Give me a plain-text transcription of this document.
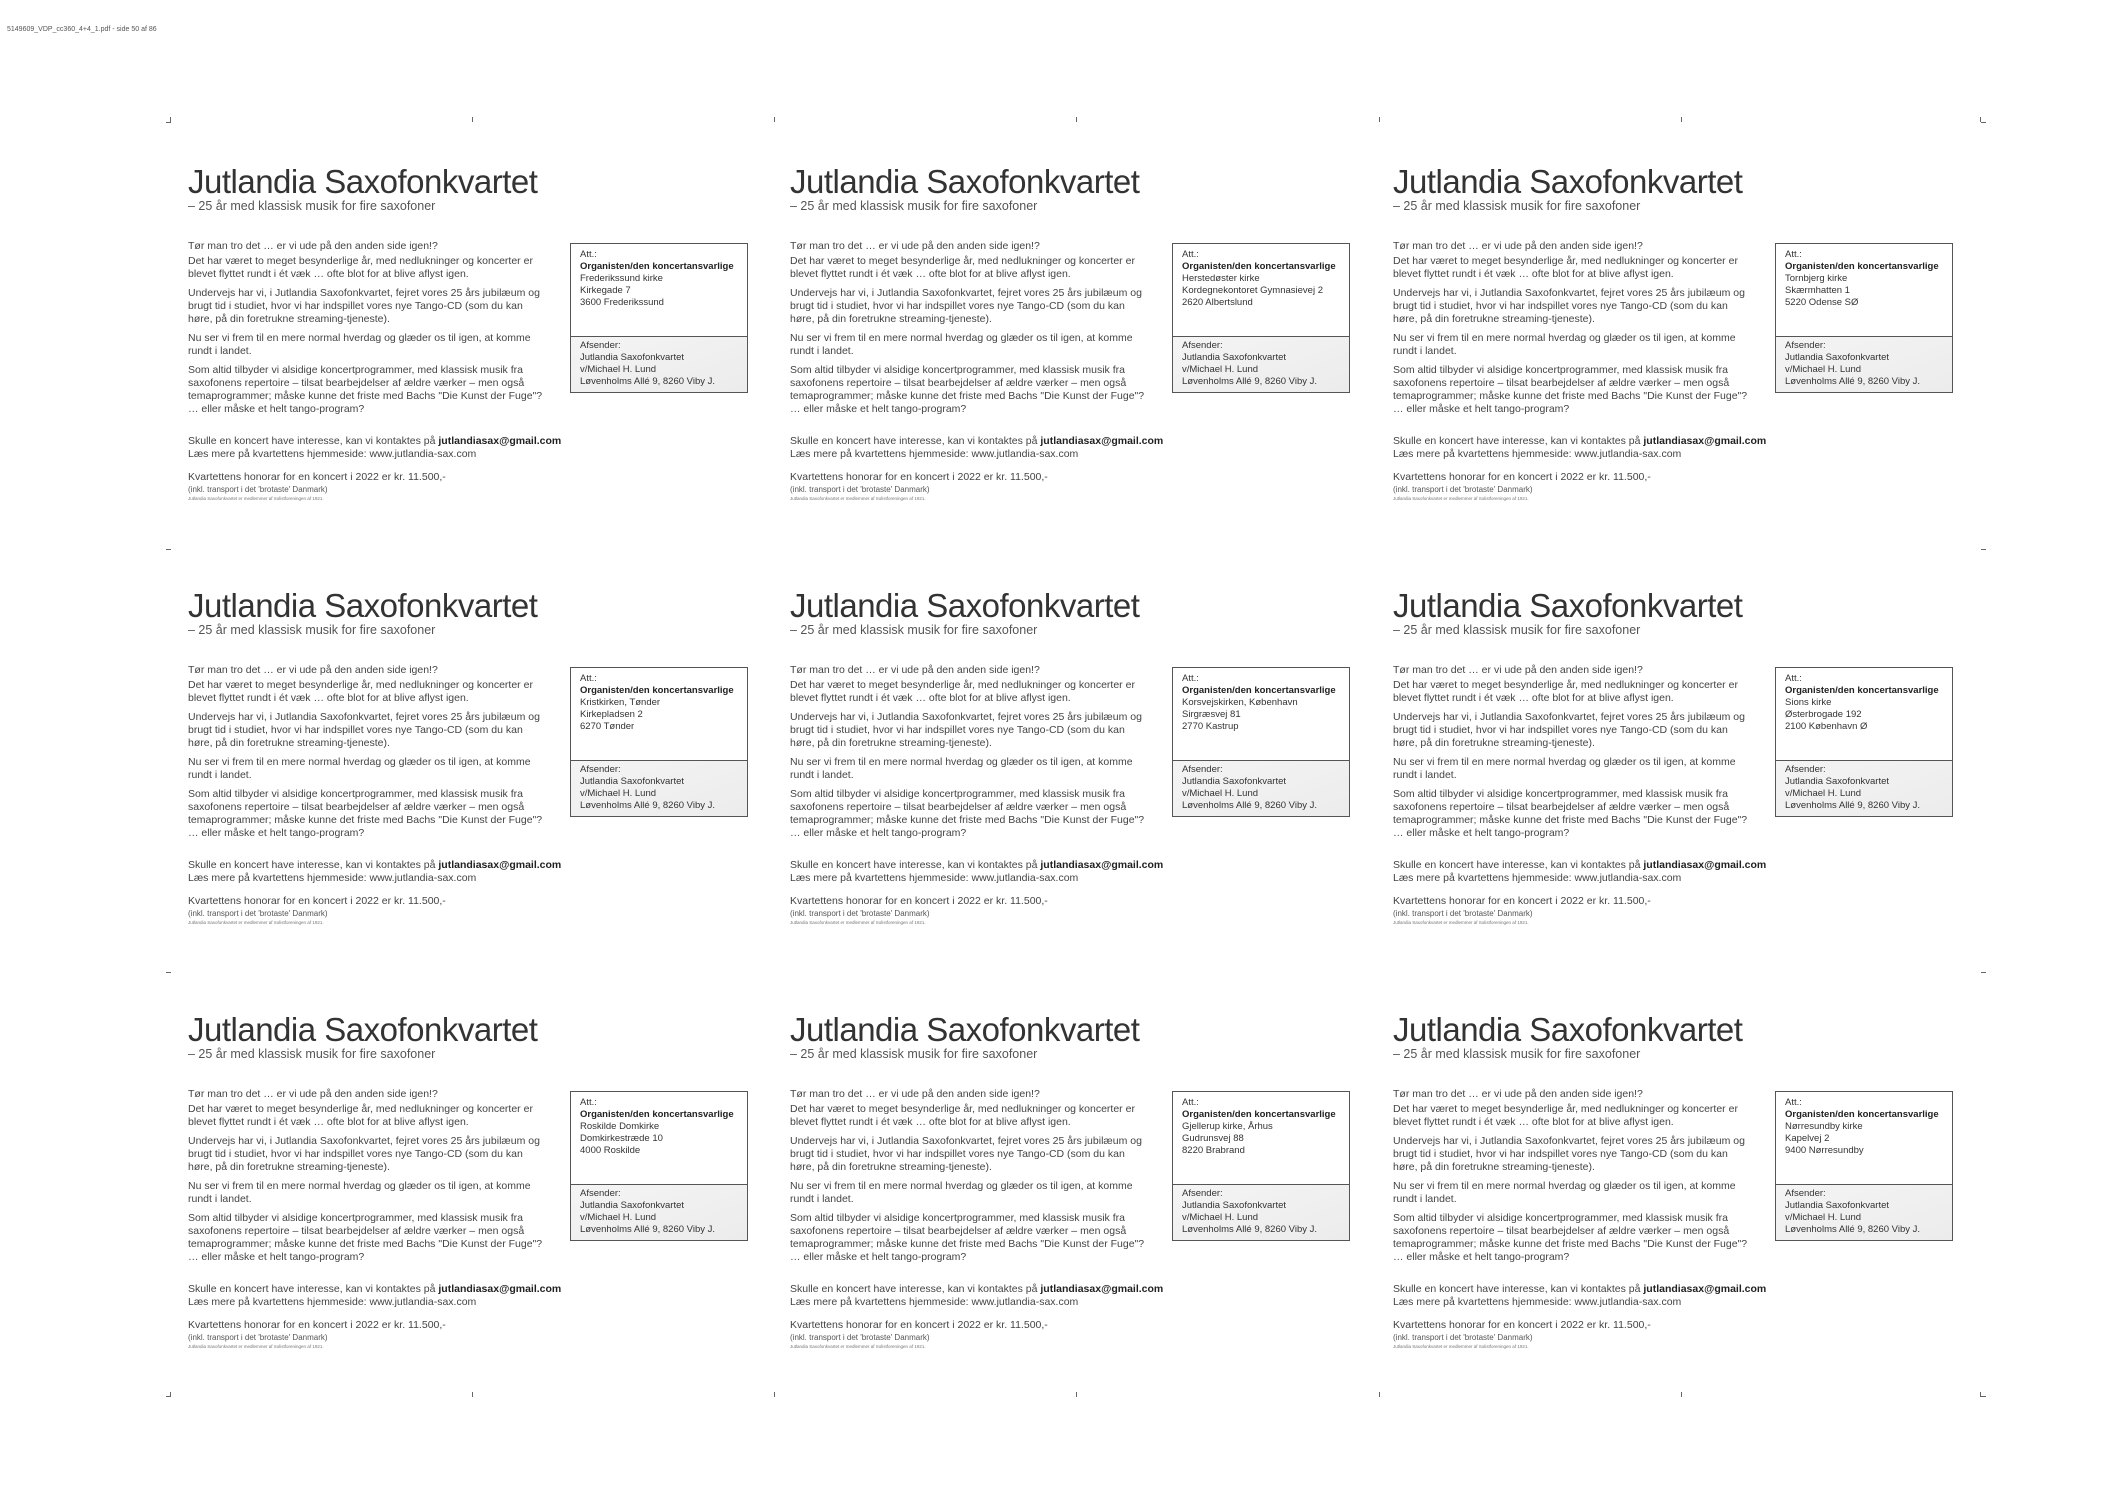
5149609_VDP_cc360_4+4_1.pdf - side 50 af 86
Jutlandia Saxofonkvartet
– 25 år med klassisk musik for fire saxofoner

Tør man tro det … er vi ude på den anden side igen!?

Det har været to meget besynderlige år, med nedlukninger og koncerter er blevet flyttet rundt i ét væk … ofte blot for at blive aflyst igen.

Undervejs har vi, i Jutlandia Saxofonkvartet, fejret vores 25 års jubilæum og brugt tid i studiet, hvor vi har indspillet vores nye Tango-CD (som du kan høre, på din foretrukne streaming-tjeneste).

Nu ser vi frem til en mere normal hverdag og glæder os til igen, at komme rundt i landet.

Som altid tilbyder vi alsidige koncertprogrammer, med klassisk musik fra saxofonens repertoire – tilsat bearbejdelser af ældre værker – men også temaprogrammer; måske kunne det friste med Bachs "Die Kunst der Fuge"? … eller måske et helt tango-program?

Skulle en koncert have interesse, kan vi kontaktes på jutlandiasax@gmail.com

Læs mere på kvartettens hjemmeside: www.jutlandia-sax.com

Kvartettens honorar for en koncert i 2022 er kr. 11.500,-

(inkl. transport i det 'brotaste' Danmark)

Jutlandia Saxofonkvartet er medlemmer af Solistforeningen af 1921.

Att.:
Organisten/den koncertansvarlige
Frederikssund kirke
Kirkegade 7
3600 Frederikssund
Afsender:
Jutlandia Saxofonkvartet
v/Michael H. Lund
Løvenholms Allé 9, 8260 Viby J.
Jutlandia Saxofonkvartet
– 25 år med klassisk musik for fire saxofoner

Tør man tro det … er vi ude på den anden side igen!?

Det har været to meget besynderlige år, med nedlukninger og koncerter er blevet flyttet rundt i ét væk … ofte blot for at blive aflyst igen.

Undervejs har vi, i Jutlandia Saxofonkvartet, fejret vores 25 års jubilæum og brugt tid i studiet, hvor vi har indspillet vores nye Tango-CD (som du kan høre, på din foretrukne streaming-tjeneste).

Nu ser vi frem til en mere normal hverdag og glæder os til igen, at komme rundt i landet.

Som altid tilbyder vi alsidige koncertprogrammer, med klassisk musik fra saxofonens repertoire – tilsat bearbejdelser af ældre værker – men også temaprogrammer; måske kunne det friste med Bachs "Die Kunst der Fuge"? … eller måske et helt tango-program?

Skulle en koncert have interesse, kan vi kontaktes på jutlandiasax@gmail.com

Læs mere på kvartettens hjemmeside: www.jutlandia-sax.com

Kvartettens honorar for en koncert i 2022 er kr. 11.500,-

(inkl. transport i det 'brotaste' Danmark)

Jutlandia Saxofonkvartet er medlemmer af Solistforeningen af 1921.

Att.:
Organisten/den koncertansvarlige
Herstedøster kirke
Kordegnekontoret Gymnasievej 2
2620 Albertslund
Afsender:
Jutlandia Saxofonkvartet
v/Michael H. Lund
Løvenholms Allé 9, 8260 Viby J.
Jutlandia Saxofonkvartet
– 25 år med klassisk musik for fire saxofoner

Tør man tro det … er vi ude på den anden side igen!?

Det har været to meget besynderlige år, med nedlukninger og koncerter er blevet flyttet rundt i ét væk … ofte blot for at blive aflyst igen.

Undervejs har vi, i Jutlandia Saxofonkvartet, fejret vores 25 års jubilæum og brugt tid i studiet, hvor vi har indspillet vores nye Tango-CD (som du kan høre, på din foretrukne streaming-tjeneste).

Nu ser vi frem til en mere normal hverdag og glæder os til igen, at komme rundt i landet.

Som altid tilbyder vi alsidige koncertprogrammer, med klassisk musik fra saxofonens repertoire – tilsat bearbejdelser af ældre værker – men også temaprogrammer; måske kunne det friste med Bachs "Die Kunst der Fuge"? … eller måske et helt tango-program?

Skulle en koncert have interesse, kan vi kontaktes på jutlandiasax@gmail.com

Læs mere på kvartettens hjemmeside: www.jutlandia-sax.com

Kvartettens honorar for en koncert i 2022 er kr. 11.500,-

(inkl. transport i det 'brotaste' Danmark)

Jutlandia Saxofonkvartet er medlemmer af Solistforeningen af 1921.

Att.:
Organisten/den koncertansvarlige
Tornbjerg kirke
Skærmhatten 1
5220 Odense SØ
Afsender:
Jutlandia Saxofonkvartet
v/Michael H. Lund
Løvenholms Allé 9, 8260 Viby J.
Jutlandia Saxofonkvartet
– 25 år med klassisk musik for fire saxofoner

Tør man tro det … er vi ude på den anden side igen!?

Det har været to meget besynderlige år, med nedlukninger og koncerter er blevet flyttet rundt i ét væk … ofte blot for at blive aflyst igen.

Undervejs har vi, i Jutlandia Saxofonkvartet, fejret vores 25 års jubilæum og brugt tid i studiet, hvor vi har indspillet vores nye Tango-CD (som du kan høre, på din foretrukne streaming-tjeneste).

Nu ser vi frem til en mere normal hverdag og glæder os til igen, at komme rundt i landet.

Som altid tilbyder vi alsidige koncertprogrammer, med klassisk musik fra saxofonens repertoire – tilsat bearbejdelser af ældre værker – men også temaprogrammer; måske kunne det friste med Bachs "Die Kunst der Fuge"? … eller måske et helt tango-program?

Skulle en koncert have interesse, kan vi kontaktes på jutlandiasax@gmail.com

Læs mere på kvartettens hjemmeside: www.jutlandia-sax.com

Kvartettens honorar for en koncert i 2022 er kr. 11.500,-

(inkl. transport i det 'brotaste' Danmark)

Jutlandia Saxofonkvartet er medlemmer af Solistforeningen af 1921.

Att.:
Organisten/den koncertansvarlige
Kristkirken, Tønder
Kirkepladsen 2
6270 Tønder
Afsender:
Jutlandia Saxofonkvartet
v/Michael H. Lund
Løvenholms Allé 9, 8260 Viby J.
Jutlandia Saxofonkvartet
– 25 år med klassisk musik for fire saxofoner

Tør man tro det … er vi ude på den anden side igen!?

Det har været to meget besynderlige år, med nedlukninger og koncerter er blevet flyttet rundt i ét væk … ofte blot for at blive aflyst igen.

Undervejs har vi, i Jutlandia Saxofonkvartet, fejret vores 25 års jubilæum og brugt tid i studiet, hvor vi har indspillet vores nye Tango-CD (som du kan høre, på din foretrukne streaming-tjeneste).

Nu ser vi frem til en mere normal hverdag og glæder os til igen, at komme rundt i landet.

Som altid tilbyder vi alsidige koncertprogrammer, med klassisk musik fra saxofonens repertoire – tilsat bearbejdelser af ældre værker – men også temaprogrammer; måske kunne det friste med Bachs "Die Kunst der Fuge"? … eller måske et helt tango-program?

Skulle en koncert have interesse, kan vi kontaktes på jutlandiasax@gmail.com

Læs mere på kvartettens hjemmeside: www.jutlandia-sax.com

Kvartettens honorar for en koncert i 2022 er kr. 11.500,-

(inkl. transport i det 'brotaste' Danmark)

Jutlandia Saxofonkvartet er medlemmer af Solistforeningen af 1921.

Att.:
Organisten/den koncertansvarlige
Korsvejskirken, København
Sirgræsvej 81
2770 Kastrup
Afsender:
Jutlandia Saxofonkvartet
v/Michael H. Lund
Løvenholms Allé 9, 8260 Viby J.
Jutlandia Saxofonkvartet
– 25 år med klassisk musik for fire saxofoner

Tør man tro det … er vi ude på den anden side igen!?

Det har været to meget besynderlige år, med nedlukninger og koncerter er blevet flyttet rundt i ét væk … ofte blot for at blive aflyst igen.

Undervejs har vi, i Jutlandia Saxofonkvartet, fejret vores 25 års jubilæum og brugt tid i studiet, hvor vi har indspillet vores nye Tango-CD (som du kan høre, på din foretrukne streaming-tjeneste).

Nu ser vi frem til en mere normal hverdag og glæder os til igen, at komme rundt i landet.

Som altid tilbyder vi alsidige koncertprogrammer, med klassisk musik fra saxofonens repertoire – tilsat bearbejdelser af ældre værker – men også temaprogrammer; måske kunne det friste med Bachs "Die Kunst der Fuge"? … eller måske et helt tango-program?

Skulle en koncert have interesse, kan vi kontaktes på jutlandiasax@gmail.com

Læs mere på kvartettens hjemmeside: www.jutlandia-sax.com

Kvartettens honorar for en koncert i 2022 er kr. 11.500,-

(inkl. transport i det 'brotaste' Danmark)

Jutlandia Saxofonkvartet er medlemmer af Solistforeningen af 1921.

Att.:
Organisten/den koncertansvarlige
Sions kirke
Østerbrogade 192
2100 København Ø
Afsender:
Jutlandia Saxofonkvartet
v/Michael H. Lund
Løvenholms Allé 9, 8260 Viby J.
Jutlandia Saxofonkvartet
– 25 år med klassisk musik for fire saxofoner

Tør man tro det … er vi ude på den anden side igen!?

Det har været to meget besynderlige år, med nedlukninger og koncerter er blevet flyttet rundt i ét væk … ofte blot for at blive aflyst igen.

Undervejs har vi, i Jutlandia Saxofonkvartet, fejret vores 25 års jubilæum og brugt tid i studiet, hvor vi har indspillet vores nye Tango-CD (som du kan høre, på din foretrukne streaming-tjeneste).

Nu ser vi frem til en mere normal hverdag og glæder os til igen, at komme rundt i landet.

Som altid tilbyder vi alsidige koncertprogrammer, med klassisk musik fra saxofonens repertoire – tilsat bearbejdelser af ældre værker – men også temaprogrammer; måske kunne det friste med Bachs "Die Kunst der Fuge"? … eller måske et helt tango-program?

Skulle en koncert have interesse, kan vi kontaktes på jutlandiasax@gmail.com

Læs mere på kvartettens hjemmeside: www.jutlandia-sax.com

Kvartettens honorar for en koncert i 2022 er kr. 11.500,-

(inkl. transport i det 'brotaste' Danmark)

Jutlandia Saxofonkvartet er medlemmer af Solistforeningen af 1921.

Att.:
Organisten/den koncertansvarlige
Roskilde Domkirke
Domkirkestræde 10
4000 Roskilde
Afsender:
Jutlandia Saxofonkvartet
v/Michael H. Lund
Løvenholms Allé 9, 8260 Viby J.
Jutlandia Saxofonkvartet
– 25 år med klassisk musik for fire saxofoner

Tør man tro det … er vi ude på den anden side igen!?

Det har været to meget besynderlige år, med nedlukninger og koncerter er blevet flyttet rundt i ét væk … ofte blot for at blive aflyst igen.

Undervejs har vi, i Jutlandia Saxofonkvartet, fejret vores 25 års jubilæum og brugt tid i studiet, hvor vi har indspillet vores nye Tango-CD (som du kan høre, på din foretrukne streaming-tjeneste).

Nu ser vi frem til en mere normal hverdag og glæder os til igen, at komme rundt i landet.

Som altid tilbyder vi alsidige koncertprogrammer, med klassisk musik fra saxofonens repertoire – tilsat bearbejdelser af ældre værker – men også temaprogrammer; måske kunne det friste med Bachs "Die Kunst der Fuge"? … eller måske et helt tango-program?

Skulle en koncert have interesse, kan vi kontaktes på jutlandiasax@gmail.com

Læs mere på kvartettens hjemmeside: www.jutlandia-sax.com

Kvartettens honorar for en koncert i 2022 er kr. 11.500,-

(inkl. transport i det 'brotaste' Danmark)

Jutlandia Saxofonkvartet er medlemmer af Solistforeningen af 1921.

Att.:
Organisten/den koncertansvarlige
Gjellerup kirke, Århus
Gudrunsvej 88
8220 Brabrand
Afsender:
Jutlandia Saxofonkvartet
v/Michael H. Lund
Løvenholms Allé 9, 8260 Viby J.
Jutlandia Saxofonkvartet
– 25 år med klassisk musik for fire saxofoner

Tør man tro det … er vi ude på den anden side igen!?

Det har været to meget besynderlige år, med nedlukninger og koncerter er blevet flyttet rundt i ét væk … ofte blot for at blive aflyst igen.

Undervejs har vi, i Jutlandia Saxofonkvartet, fejret vores 25 års jubilæum og brugt tid i studiet, hvor vi har indspillet vores nye Tango-CD (som du kan høre, på din foretrukne streaming-tjeneste).

Nu ser vi frem til en mere normal hverdag og glæder os til igen, at komme rundt i landet.

Som altid tilbyder vi alsidige koncertprogrammer, med klassisk musik fra saxofonens repertoire – tilsat bearbejdelser af ældre værker – men også temaprogrammer; måske kunne det friste med Bachs "Die Kunst der Fuge"? … eller måske et helt tango-program?

Skulle en koncert have interesse, kan vi kontaktes på jutlandiasax@gmail.com

Læs mere på kvartettens hjemmeside: www.jutlandia-sax.com

Kvartettens honorar for en koncert i 2022 er kr. 11.500,-

(inkl. transport i det 'brotaste' Danmark)

Jutlandia Saxofonkvartet er medlemmer af Solistforeningen af 1921.

Att.:
Organisten/den koncertansvarlige
Nørresundby kirke
Kapelvej 2
9400 Nørresundby
Afsender:
Jutlandia Saxofonkvartet
v/Michael H. Lund
Løvenholms Allé 9, 8260 Viby J.
